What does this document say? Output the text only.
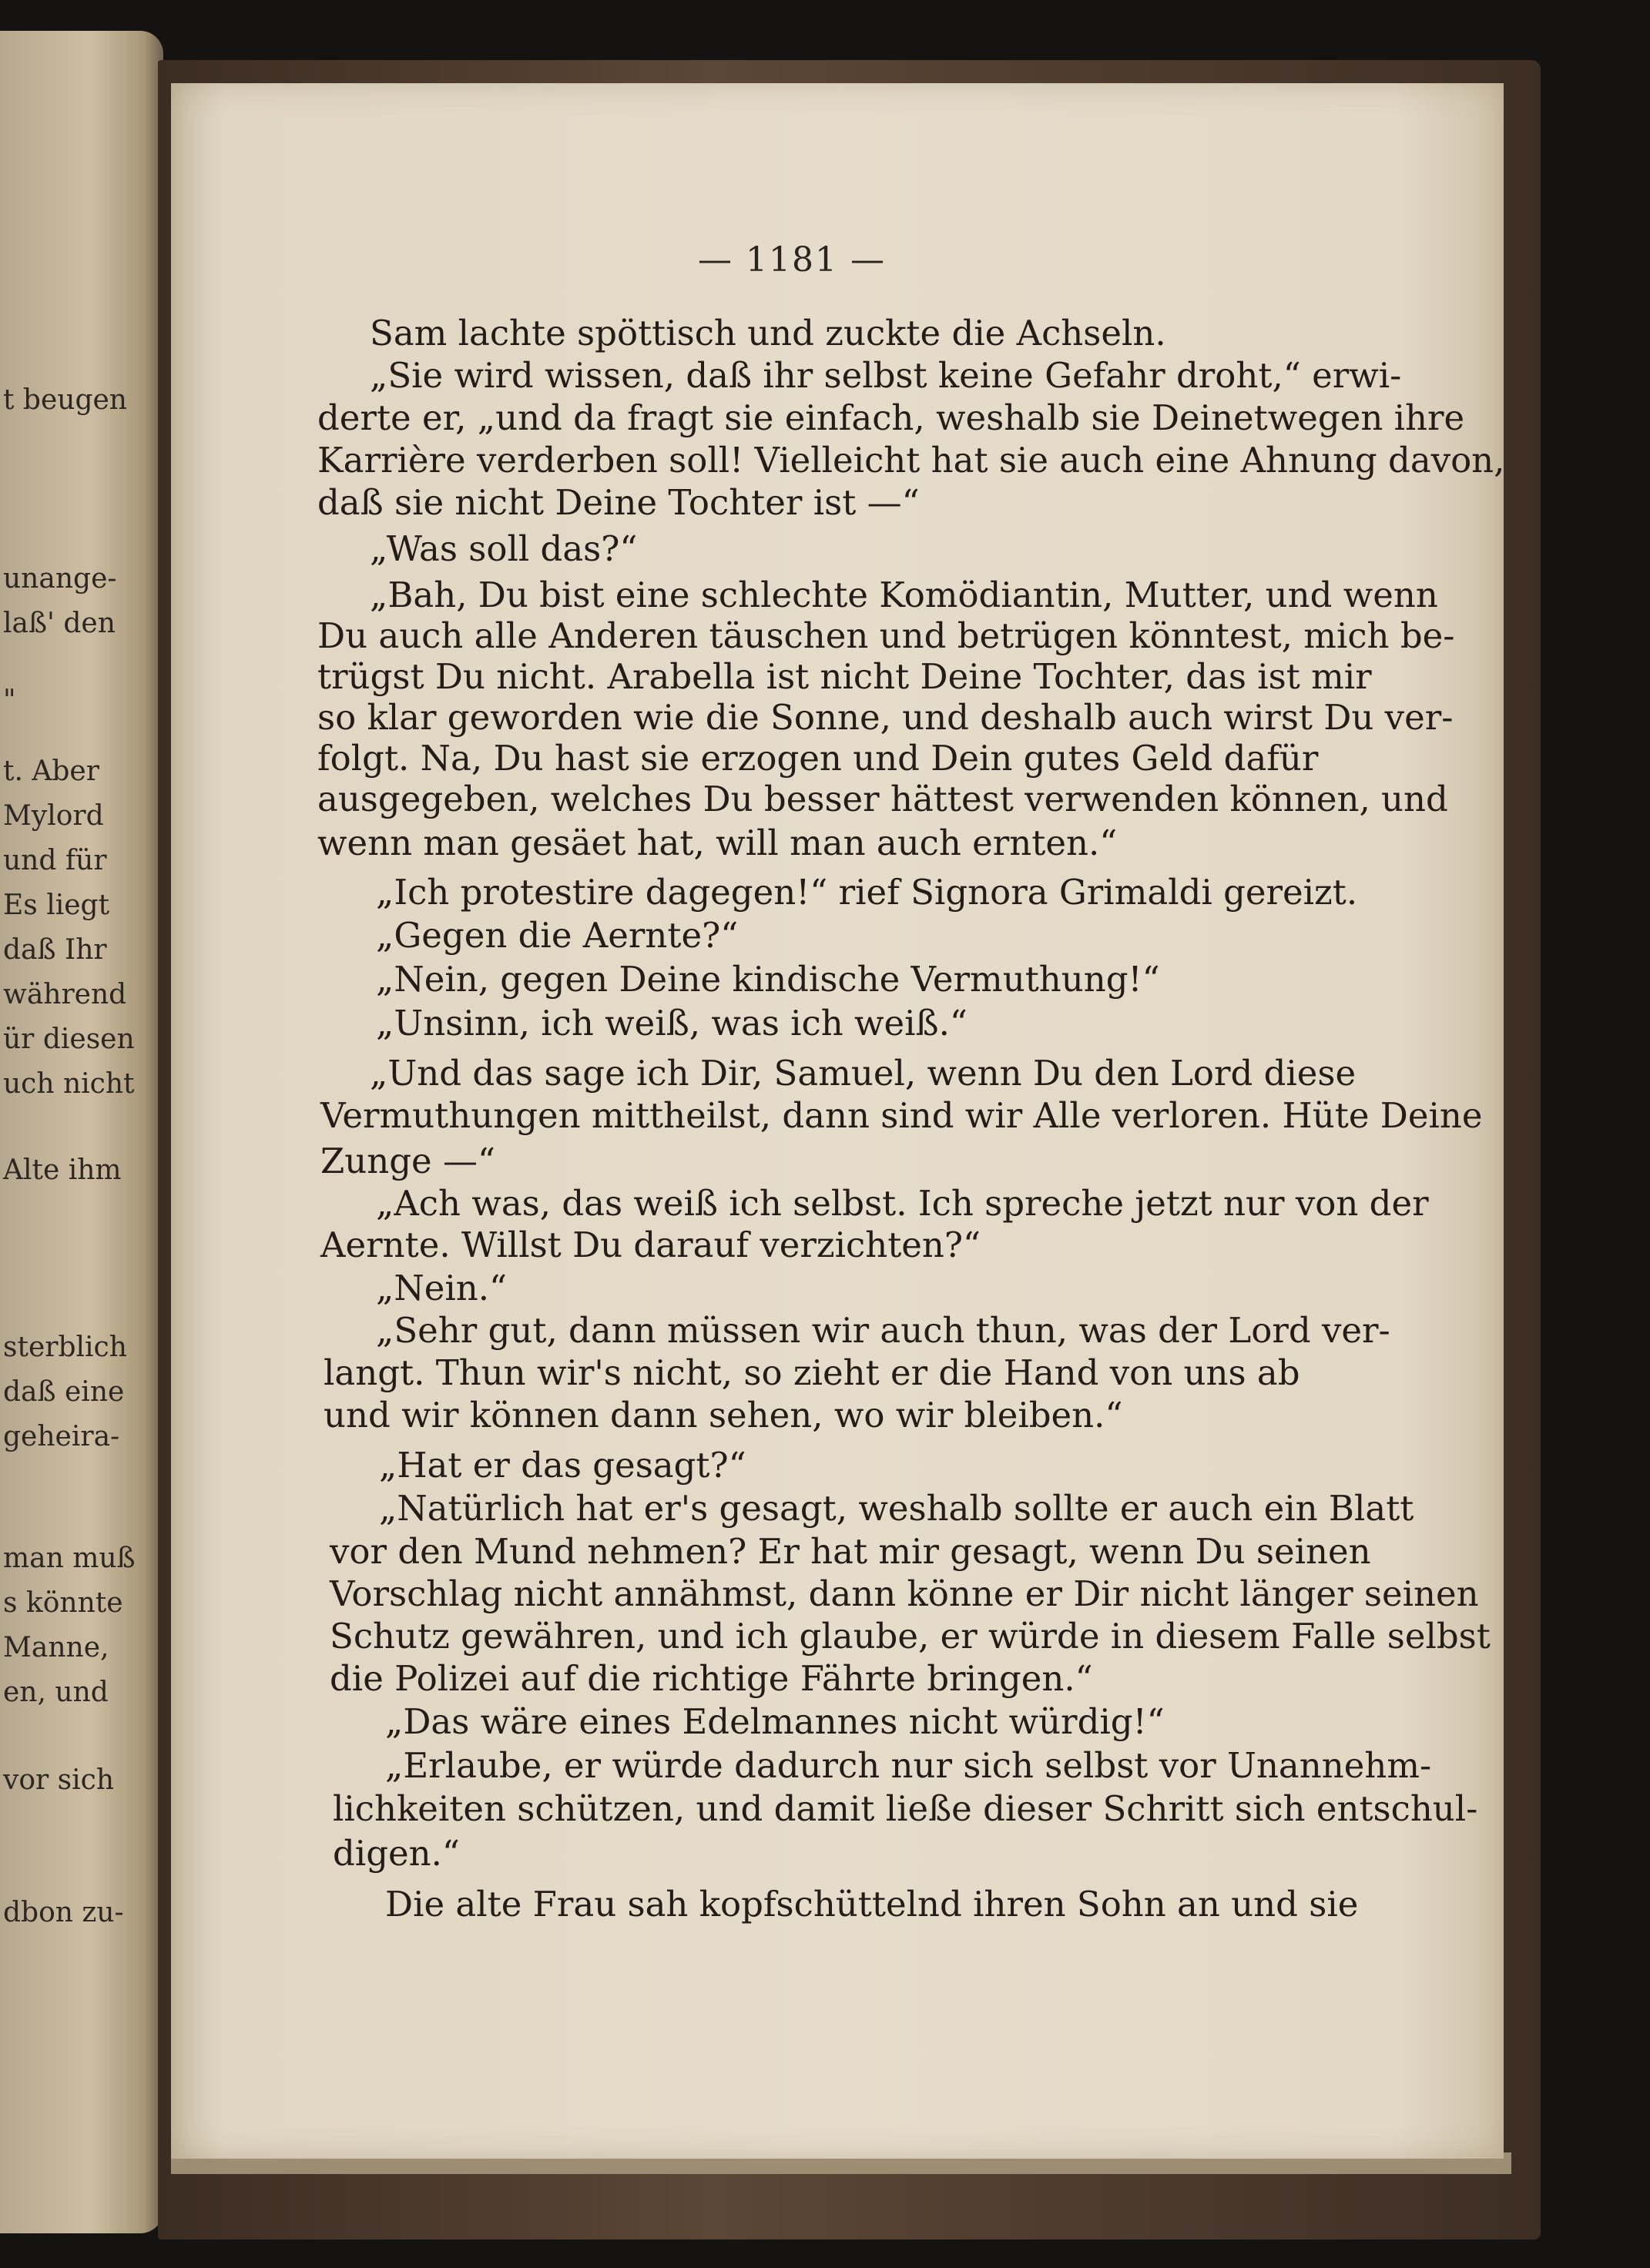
t beugen
unange-
laß' den
"
t. Aber
Mylord
und für
Es liegt
daß Ihr
während
ür diesen
uch nicht
Alte ihm
sterblich
daß eine
geheira-
man muß
s könnte
Manne,
en, und
vor sich
dbon zu-
— 1181 —
Sam lachte spöttisch und zuckte die Achseln.
„Sie wird wissen, daß ihr selbst keine Gefahr droht,“ erwi-
derte er, „und da fragt sie einfach, weshalb sie Deinetwegen ihre
Karrière verderben soll! Vielleicht hat sie auch eine Ahnung davon,
daß sie nicht Deine Tochter ist —“
„Was soll das?“
„Bah, Du bist eine schlechte Komödiantin, Mutter, und wenn
Du auch alle Anderen täuschen und betrügen könntest, mich be-
trügst Du nicht. Arabella ist nicht Deine Tochter, das ist mir
so klar geworden wie die Sonne, und deshalb auch wirst Du ver-
folgt. Na, Du hast sie erzogen und Dein gutes Geld dafür
ausgegeben, welches Du besser hättest verwenden können, und
wenn man gesäet hat, will man auch ernten.“
„Ich protestire dagegen!“ rief Signora Grimaldi gereizt.
„Gegen die Aernte?“
„Nein, gegen Deine kindische Vermuthung!“
„Unsinn, ich weiß, was ich weiß.“
„Und das sage ich Dir, Samuel, wenn Du den Lord diese
Vermuthungen mittheilst, dann sind wir Alle verloren. Hüte Deine
Zunge —“
„Ach was, das weiß ich selbst. Ich spreche jetzt nur von der
Aernte. Willst Du darauf verzichten?“
„Nein.“
„Sehr gut, dann müssen wir auch thun, was der Lord ver-
langt. Thun wir's nicht, so zieht er die Hand von uns ab
und wir können dann sehen, wo wir bleiben.“
„Hat er das gesagt?“
„Natürlich hat er's gesagt, weshalb sollte er auch ein Blatt
vor den Mund nehmen? Er hat mir gesagt, wenn Du seinen
Vorschlag nicht annähmst, dann könne er Dir nicht länger seinen
Schutz gewähren, und ich glaube, er würde in diesem Falle selbst
die Polizei auf die richtige Fährte bringen.“
„Das wäre eines Edelmannes nicht würdig!“
„Erlaube, er würde dadurch nur sich selbst vor Unannehm-
lichkeiten schützen, und damit ließe dieser Schritt sich entschul-
digen.“
Die alte Frau sah kopfschüttelnd ihren Sohn an und sie
